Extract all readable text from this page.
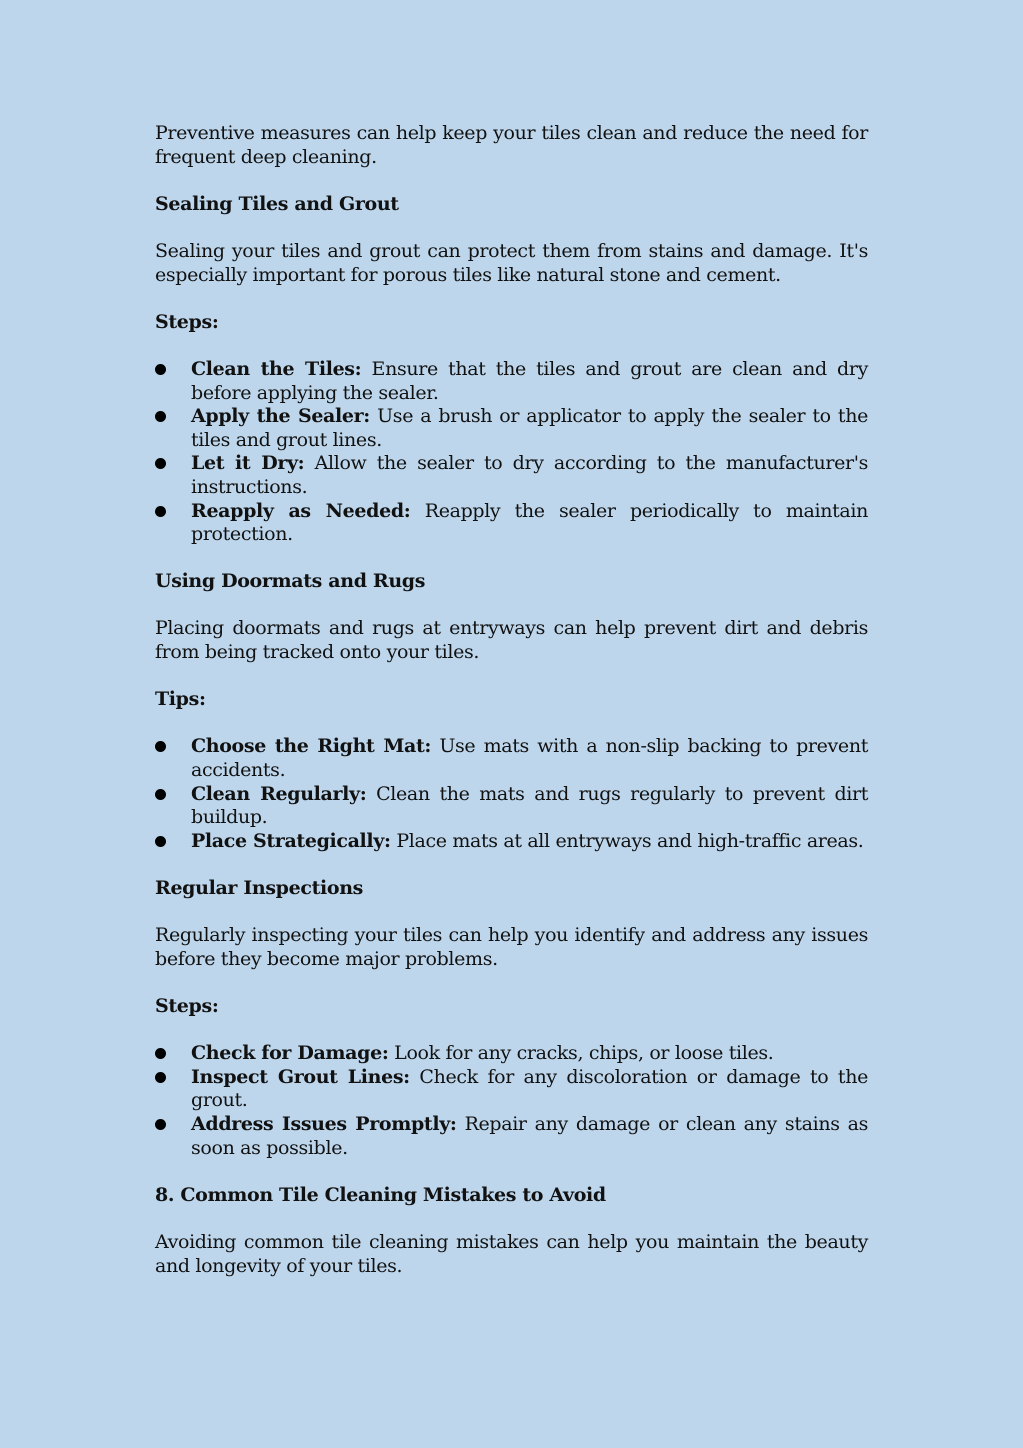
Preventive measures can help keep your tiles clean and reduce the need for frequent deep cleaning.

Sealing Tiles and Grout

Sealing your tiles and grout can protect them from stains and damage. It's especially important for porous tiles like natural stone and cement.

Steps:

Clean the Tiles: Ensure that the tiles and grout are clean and dry before applying the sealer.
Apply the Sealer: Use a brush or applicator to apply the sealer to the tiles and grout lines.
Let it Dry: Allow the sealer to dry according to the manufacturer's instructions.
Reapply as Needed: Reapply the sealer periodically to maintain protection.

Using Doormats and Rugs

Placing doormats and rugs at entryways can help prevent dirt and debris from being tracked onto your tiles.

Tips:

Choose the Right Mat: Use mats with a non-slip backing to prevent accidents.
Clean Regularly: Clean the mats and rugs regularly to prevent dirt buildup.
Place Strategically: Place mats at all entryways and high-traffic areas.

Regular Inspections

Regularly inspecting your tiles can help you identify and address any issues before they become major problems.

Steps:

Check for Damage: Look for any cracks, chips, or loose tiles.
Inspect Grout Lines: Check for any discoloration or damage to the grout.
Address Issues Promptly: Repair any damage or clean any stains as soon as possible.

8. Common Tile Cleaning Mistakes to Avoid

Avoiding common tile cleaning mistakes can help you maintain the beauty and longevity of your tiles.
